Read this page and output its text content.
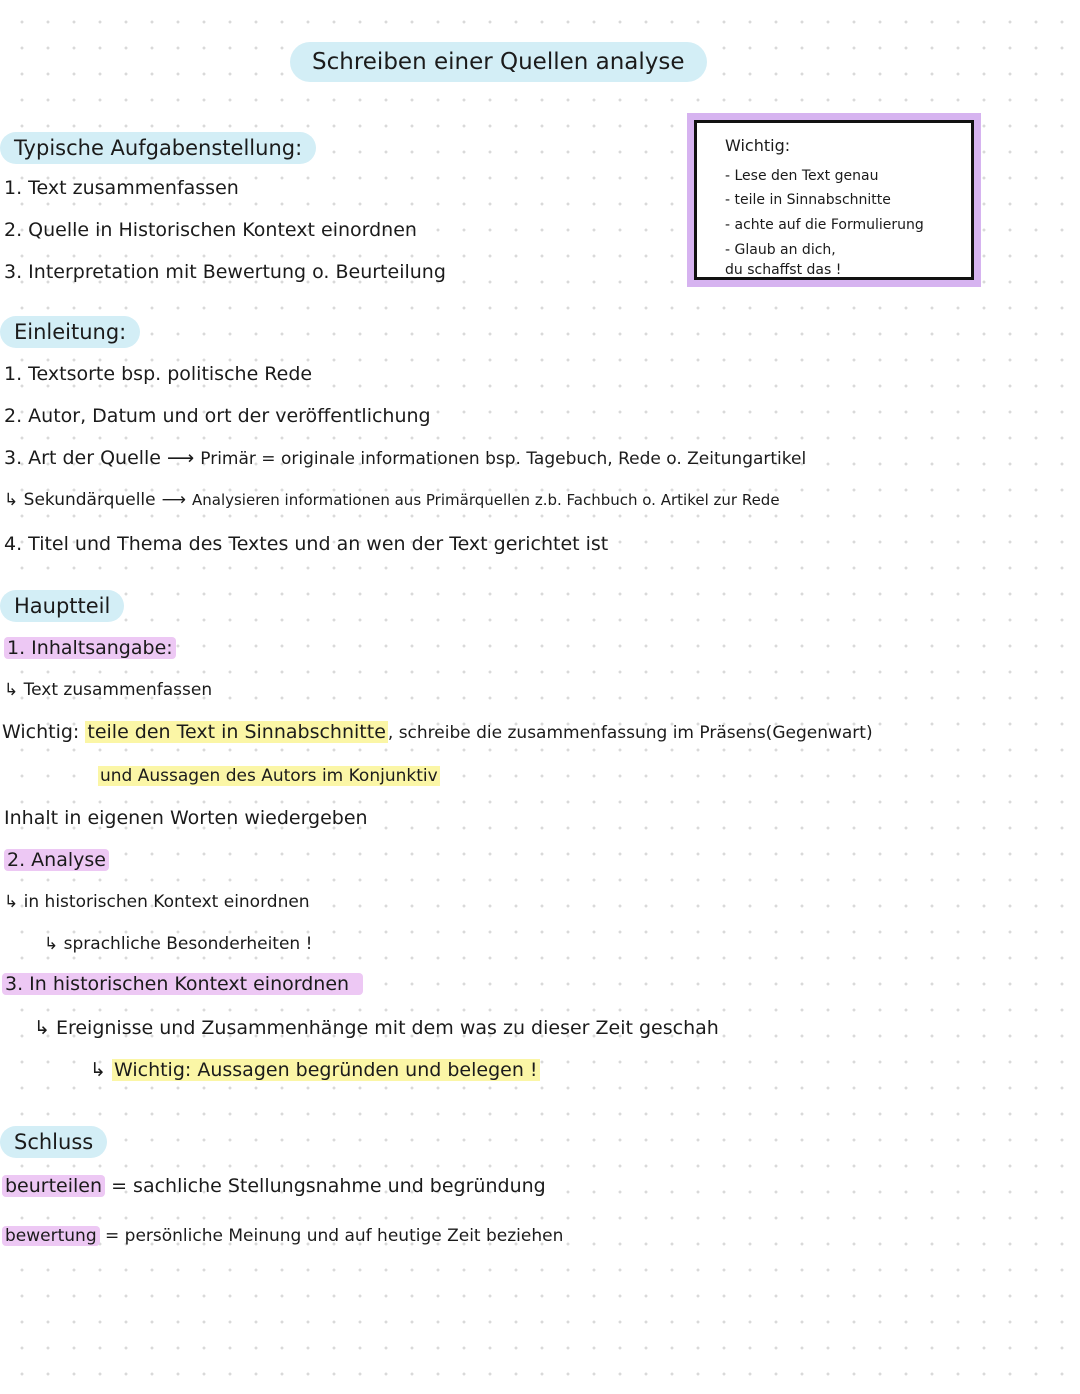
Schreiben einer Quellen analyse
Typische Aufgabenstellung:
1. Text zusammenfassen
2. Quelle in Historischen Kontext einordnen
3. Interpretation mit Bewertung o. Beurteilung
Wichtig:
- Lese den Text genau
- teile in Sinnabschnitte
- achte auf die Formulierung
- Glaub an dich,
du schaffst das !
Einleitung:
1. Textsorte bsp. politische Rede
2. Autor, Datum und ort der veröffentlichung
3. Art der Quelle ⟶ Primär = originale informationen bsp. Tagebuch, Rede o. Zeitungartikel
↳ Sekundärquelle ⟶ Analysieren informationen aus Primärquellen z.b. Fachbuch o. Artikel zur Rede
4. Titel und Thema des Textes und an wen der Text gerichtet ist
Hauptteil
1. Inhaltsangabe:
↳ Text zusammenfassen
Wichtig: teile den Text in Sinnabschnitte , schreibe die zusammenfassung im Präsens(Gegenwart)
und Aussagen des Autors im Konjunktiv
Inhalt in eigenen Worten wiedergeben
2. Analyse
↳ in historischen Kontext einordnen
↳ sprachliche Besonderheiten !
3. In historischen Kontext einordnen
↳ Ereignisse und Zusammenhänge mit dem was zu dieser Zeit geschah
↳ Wichtig: Aussagen begründen und belegen !
Schluss
beurteilen = sachliche Stellungsnahme und begründung
bewertung = persönliche Meinung und auf heutige Zeit beziehen
